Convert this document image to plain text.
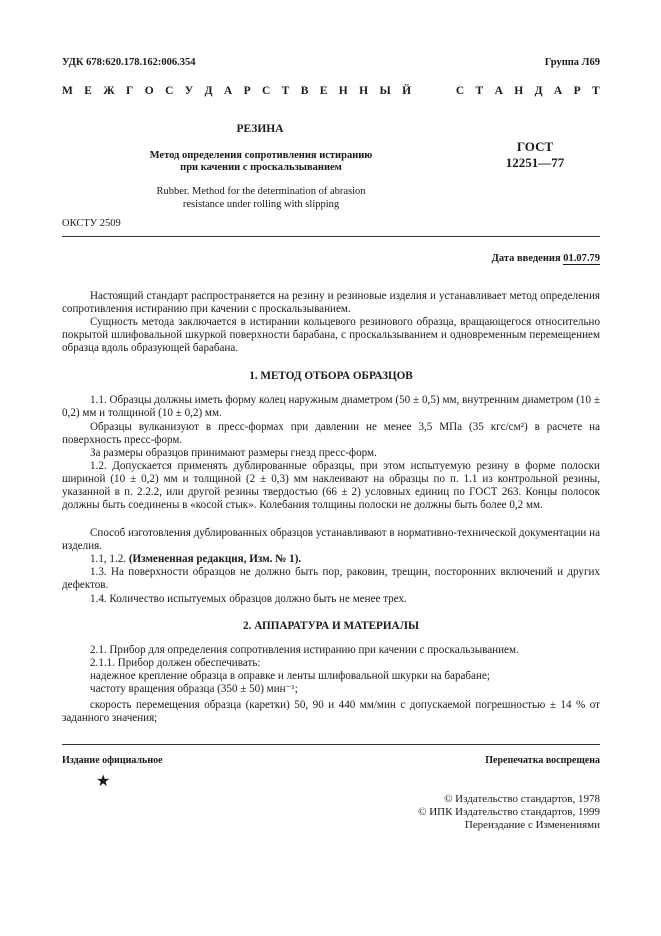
УДК 678:620.178.162:006.354	Группа Л69
М Е Ж Г О С У Д А Р С Т В Е Н Н Ы Й	С Т А Н Д А Р Т
РЕЗИНА
Метод определения сопротивления истиранию
при качении с проскальзыванием
Rubber. Method for the determination of abrasion
resistance under rolling with slipping
ГОСТ
12251—77
ОКСТУ 2509
Дата введения 01.07.79
Настоящий стандарт распространяется на резину и резиновые изделия и устанавливает метод определения сопротивления истиранию при качении с проскальзыванием.
Сущность метода заключается в истирании кольцевого резинового образца, вращающегося относительно покрытой шлифовальной шкуркой поверхности барабана, с проскальзыванием и одновременным перемещением образца вдоль образующей барабана.
1. МЕТОД ОТБОРА ОБРАЗЦОВ
1.1. Образцы должны иметь форму колец наружным диаметром (50 ± 0,5) мм, внутренним диаметром (10 ± 0,2) мм и толщиной (10 ± 0,2) мм.
Образцы вулканизуют в пресс-формах при давлении не менее 3,5 МПа (35 кгс/см²) в расчете на поверхность пресс-форм.
За размеры образцов принимают размеры гнезд пресс-форм.
1.2. Допускается применять дублированные образцы, при этом испытуемую резину в форме полоски шириной (10 ± 0,2) мм и толщиной (2 ± 0,3) мм наклеивают на образцы по п. 1.1 из контрольной резины, указанной в п. 2.2.2, или другой резины твердостью (66 ± 2) условных единиц по ГОСТ 263. Концы полосок должны быть соединены в «косой стык». Колебания толщины полоски не должны быть более 0,2 мм.
Способ изготовления дублированных образцов устанавливают в нормативно-технической документации на изделия.
1.1, 1.2. (Измененная редакция, Изм. № 1).
1.3. На поверхности образцов не должно быть пор, раковин, трещин, посторонних включений и других дефектов.
1.4. Количество испытуемых образцов должно быть не менее трех.
2. АППАРАТУРА И МАТЕРИАЛЫ
2.1. Прибор для определения сопротивления истиранию при качении с проскальзыванием.
2.1.1. Прибор должен обеспечивать:
надежное крепление образца в оправке и ленты шлифовальной шкурки на барабане;
частоту вращения образца (350 ± 50) мин⁻¹;
скорость перемещения образца (каретки) 50, 90 и 440 мм/мин с допускаемой погрешностью ± 14 % от заданного значения;
Издание официальное	Перепечатка воспрещена
★
© Издательство стандартов, 1978
© ИПК Издательство стандартов, 1999
Переиздание с Изменениями
